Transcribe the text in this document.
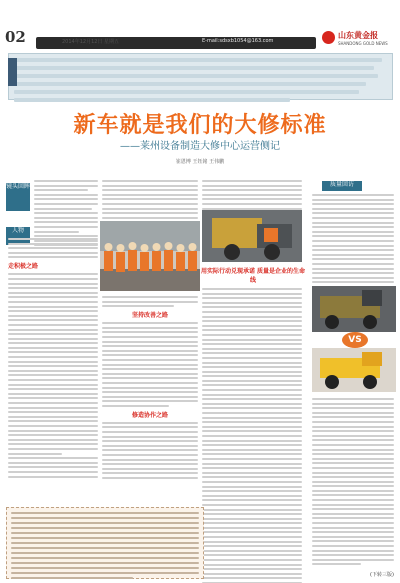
02	2014年12月12日 星期五	E-mail:sdsxb1054@163.com
山东黄金报
SHANDONG GOLD NEWS
新车就是我们的大修标准
——莱州设备制造大修中心运营侧记
崔恩博 王钰铭 王伟鹏
镜头回眸
人物
走积极之路
坚持改善之路
修造协作之路
用实际行动兑现承诺 质量是企业的生命线
质量回访
VS
(下转三版)
